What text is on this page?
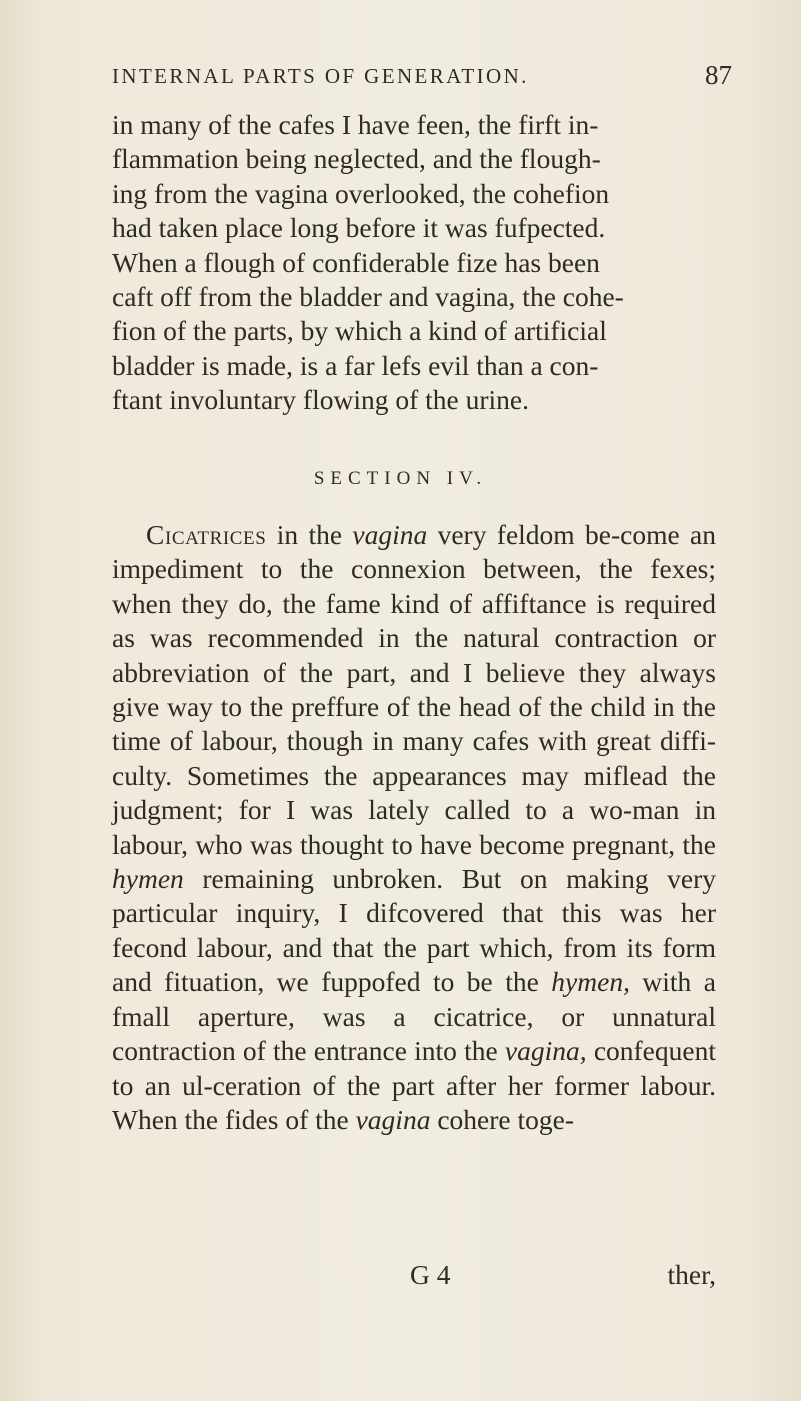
INTERNAL PARTS OF GENERATION.	87
in many of the cafes I have feen, the firft in-
flammation being neglected, and the flough-
ing from the vagina overlooked, the cohefion
had taken place long before it was fufpected.
When a flough of confiderable fize has been
caft off from the bladder and vagina, the cohe-
fion of the parts, by which a kind of artificial
bladder is made, is a far lefs evil than a con-
ftant involuntary flowing of the urine.
SECTION IV.
Cicatrices in the vagina very feldom be-come an impediment to the connexion between, the fexes; when they do, the fame kind of affiftance is required as was recommended in the natural contraction or abbreviation of the part, and I believe they always give way to the preffure of the head of the child in the time of labour, though in many cafes with great diffi-culty. Sometimes the appearances may miflead the judgment; for I was lately called to a wo-man in labour, who was thought to have become pregnant, the hymen remaining unbroken. But on making very particular inquiry, I difcovered that this was her fecond labour, and that the part which, from its form and fituation, we fuppofed to be the hymen, with a fmall aperture, was a cicatrice, or unnatural contraction of the entrance into the vagina, confequent to an ul-ceration of the part after her former labour. When the fides of the vagina cohere toge-
G 4	ther,
